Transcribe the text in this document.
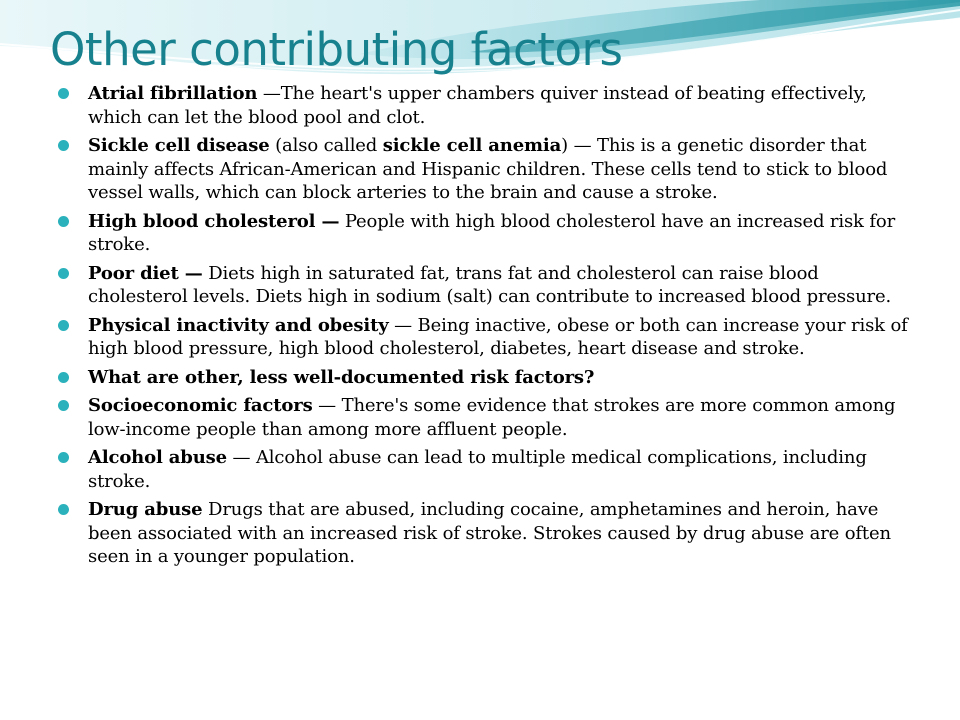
Other contributing factors
Atrial fibrillation —The heart's upper chambers quiver instead of beating effectively, which can let the blood pool and clot.
Sickle cell disease (also called sickle cell anemia) — This is a genetic disorder that mainly affects African-American and Hispanic children. These cells tend to stick to blood vessel walls, which can block arteries to the brain and cause a stroke.
High blood cholesterol — People with high blood cholesterol have an increased risk for stroke.
Poor diet — Diets high in saturated fat, trans fat and cholesterol can raise blood cholesterol levels. Diets high in sodium (salt) can contribute to increased blood pressure.
Physical inactivity and obesity — Being inactive, obese or both can increase your risk of high blood pressure, high blood cholesterol, diabetes, heart disease and stroke.
What are other, less well-documented risk factors?
Socioeconomic factors — There's some evidence that strokes are more common among low-income people than among more affluent people.
Alcohol abuse — Alcohol abuse can lead to multiple medical complications, including stroke.
Drug abuse Drugs that are abused, including cocaine, amphetamines and heroin, have been associated with an increased risk of stroke. Strokes caused by drug abuse are often seen in a younger population.
